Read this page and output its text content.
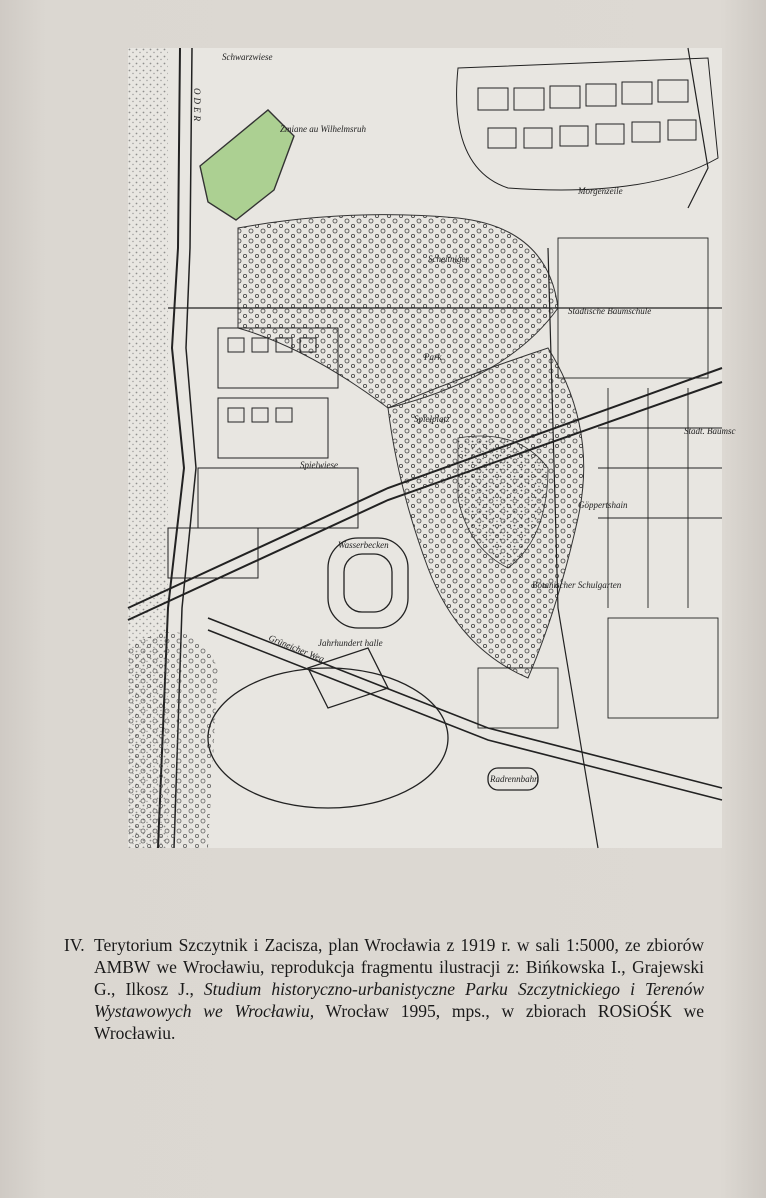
ODER
Schwarzwiese
Zmiane au Wilhelmsruh
Morgenzeile
Scheitniger
Park
Städtische Baumschule
Städt. Baumsc
Göppertshain
Spielwiese
Spielplatz
Wasserbecken
Jahrhundert halle
Botanischer Schulgarten
Grüneicher Weg
Radrennbahn
IV. Terytorium Szczytnik i Zacisza, plan Wrocławia z 1919 r. w sali 1:5000, ze zbiorów AMBW we Wrocławiu, reprodukcja fragmentu ilustracji z: Bińkowska I., Grajewski G., Ilkosz J., Studium historyczno-urbanistyczne Parku Szczytnickiego i Terenów Wystawowych we Wrocławiu, Wrocław 1995, mps., w zbiorach ROSiOŚK we Wrocławiu.
